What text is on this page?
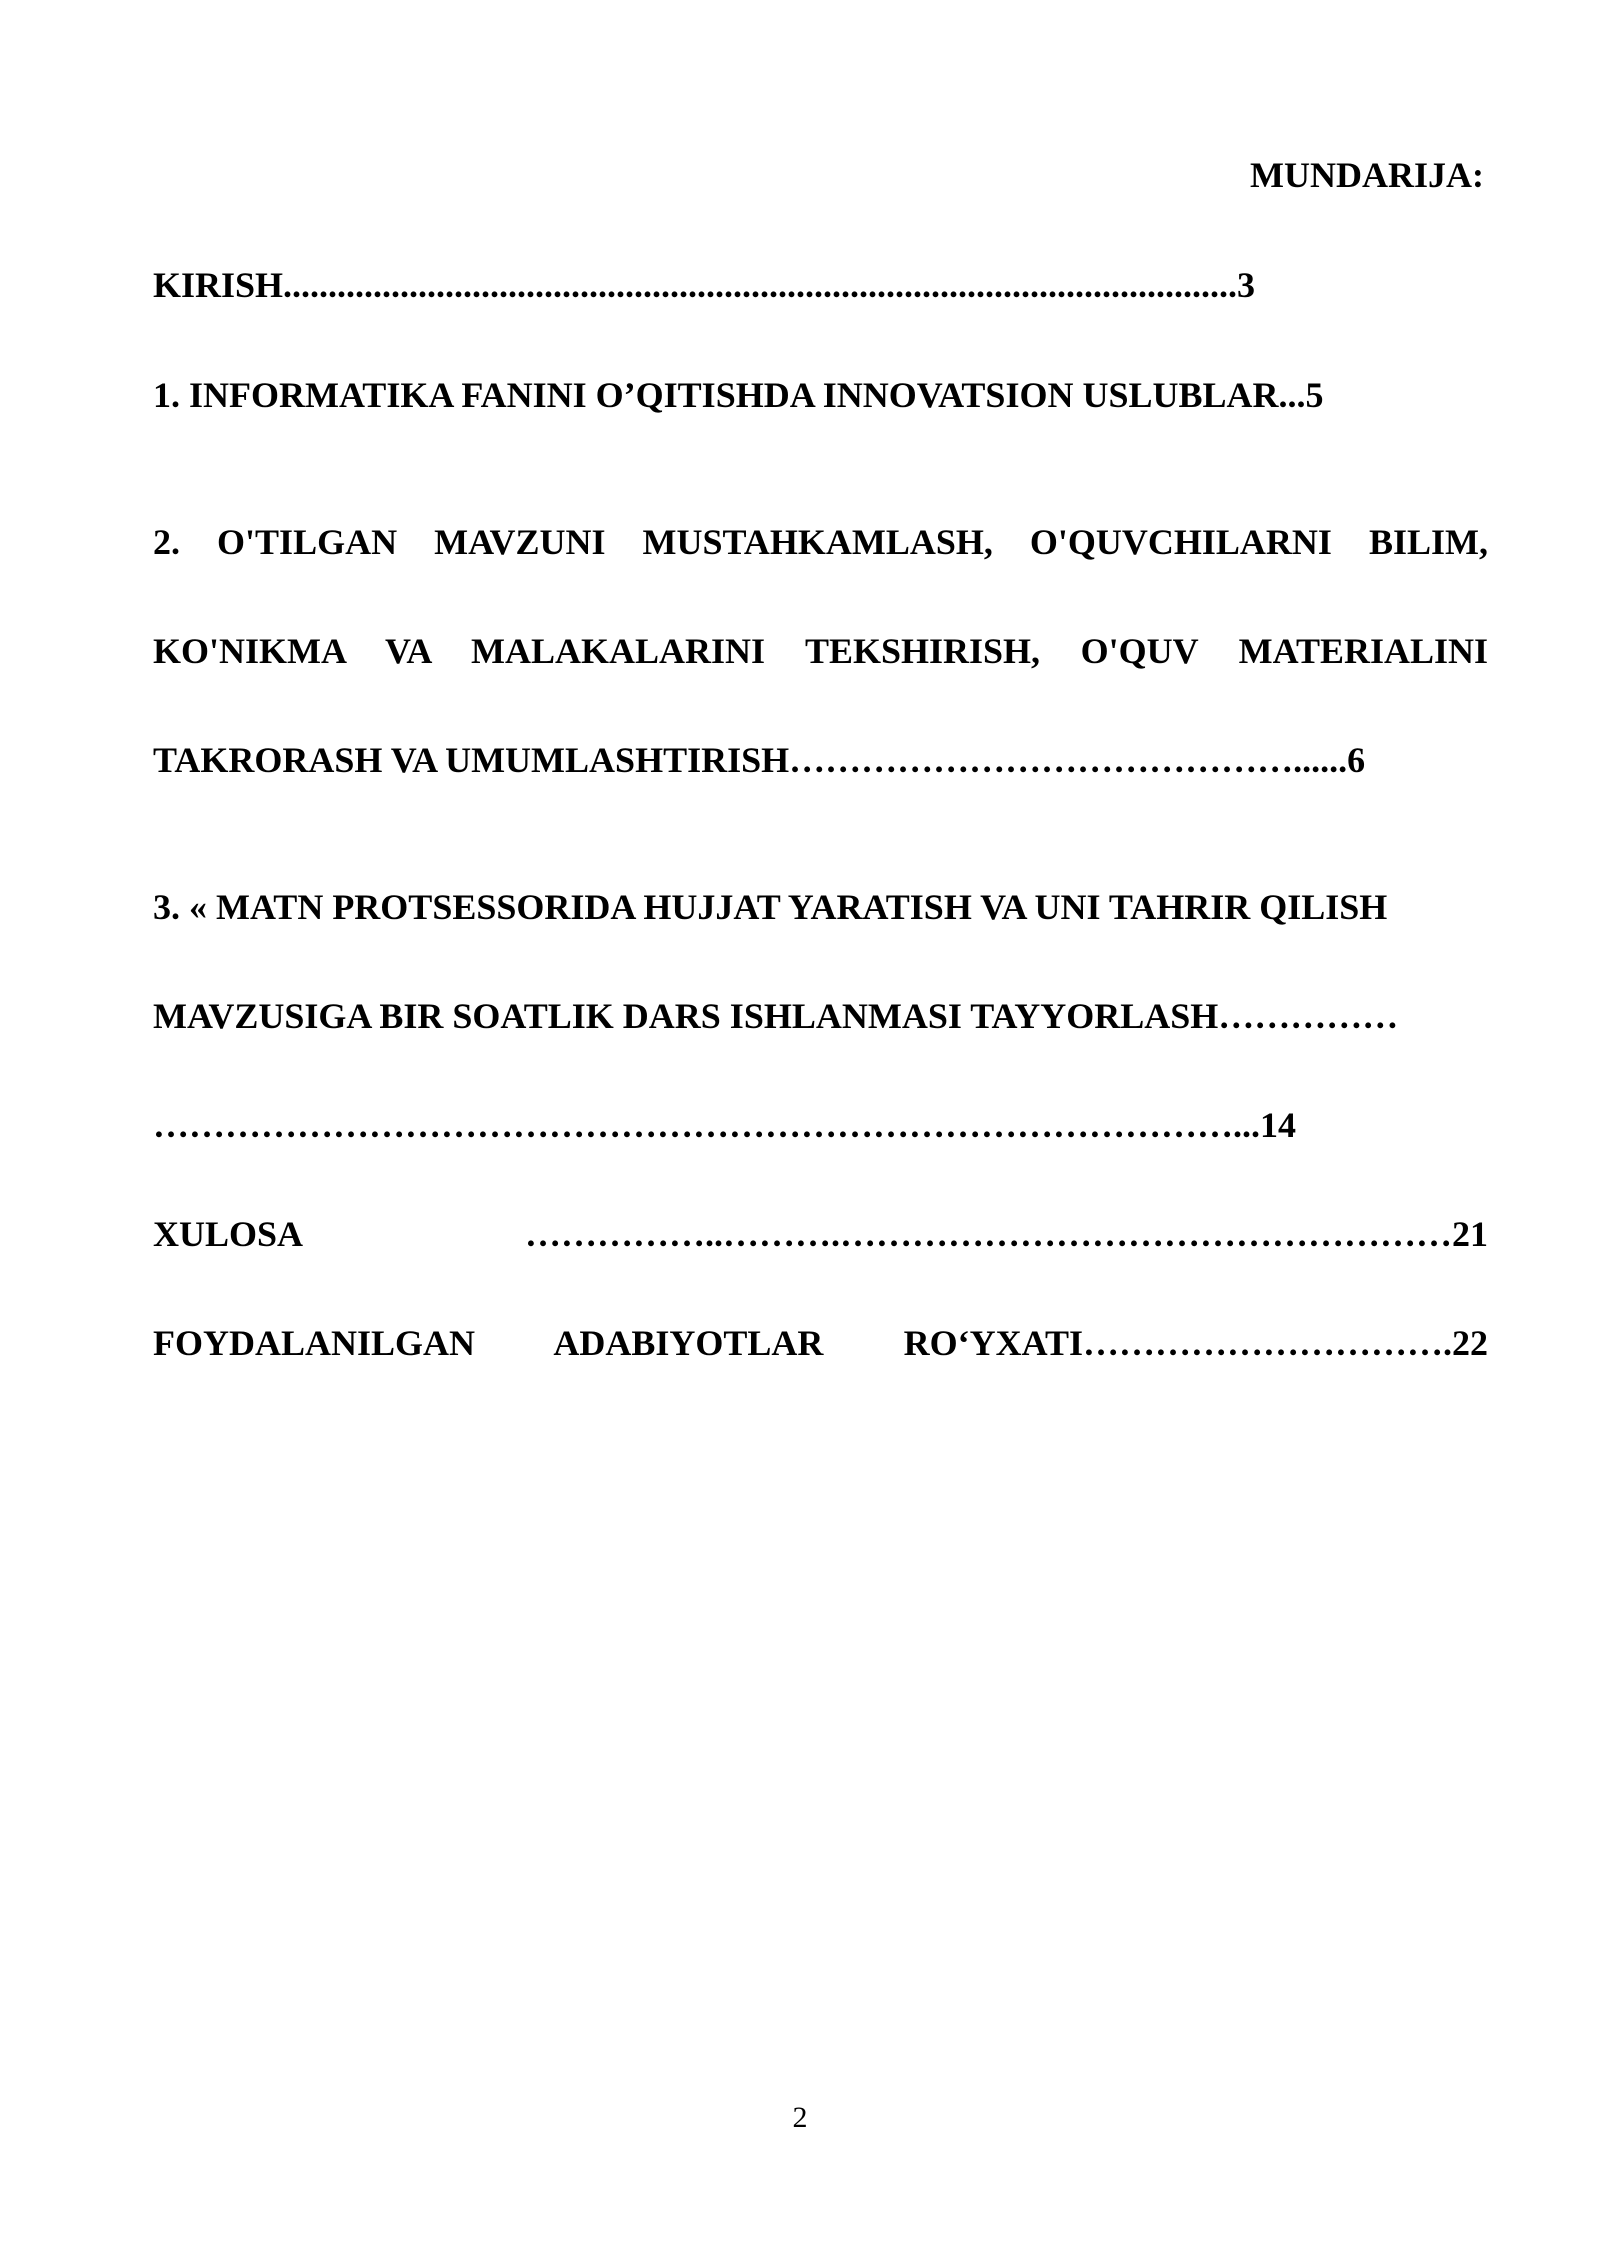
MUNDARIJA:
KIRISH..........................................................................................................3
1. INFORMATIKA FANINI O’QITISHDA INNOVATSION USLUBLAR...5
2. O'TILGAN MAVZUNI MUSTAHKAMLASH, O'QUVCHILARNI BILIM,
KO'NIKMA VA MALAKALARINI TEKSHIRISH, O'QUV MATERIALINI
TAKRORASH VA UMUMLASHTIRISH……………………………………......6
3. « MATN PROTSESSORIDA HUJJAT YARATISH VA UNI TAHRIR QILISH
MAVZUSIGA BIR SOATLIK DARS ISHLANMASI TAYYORLASH……………
………………………………………………………………………………...14
XULOSA	……………..……….……………………………………………21
FOYDALANILGAN ADABIYOTLAR RO‘YXATI………………………….22
2
